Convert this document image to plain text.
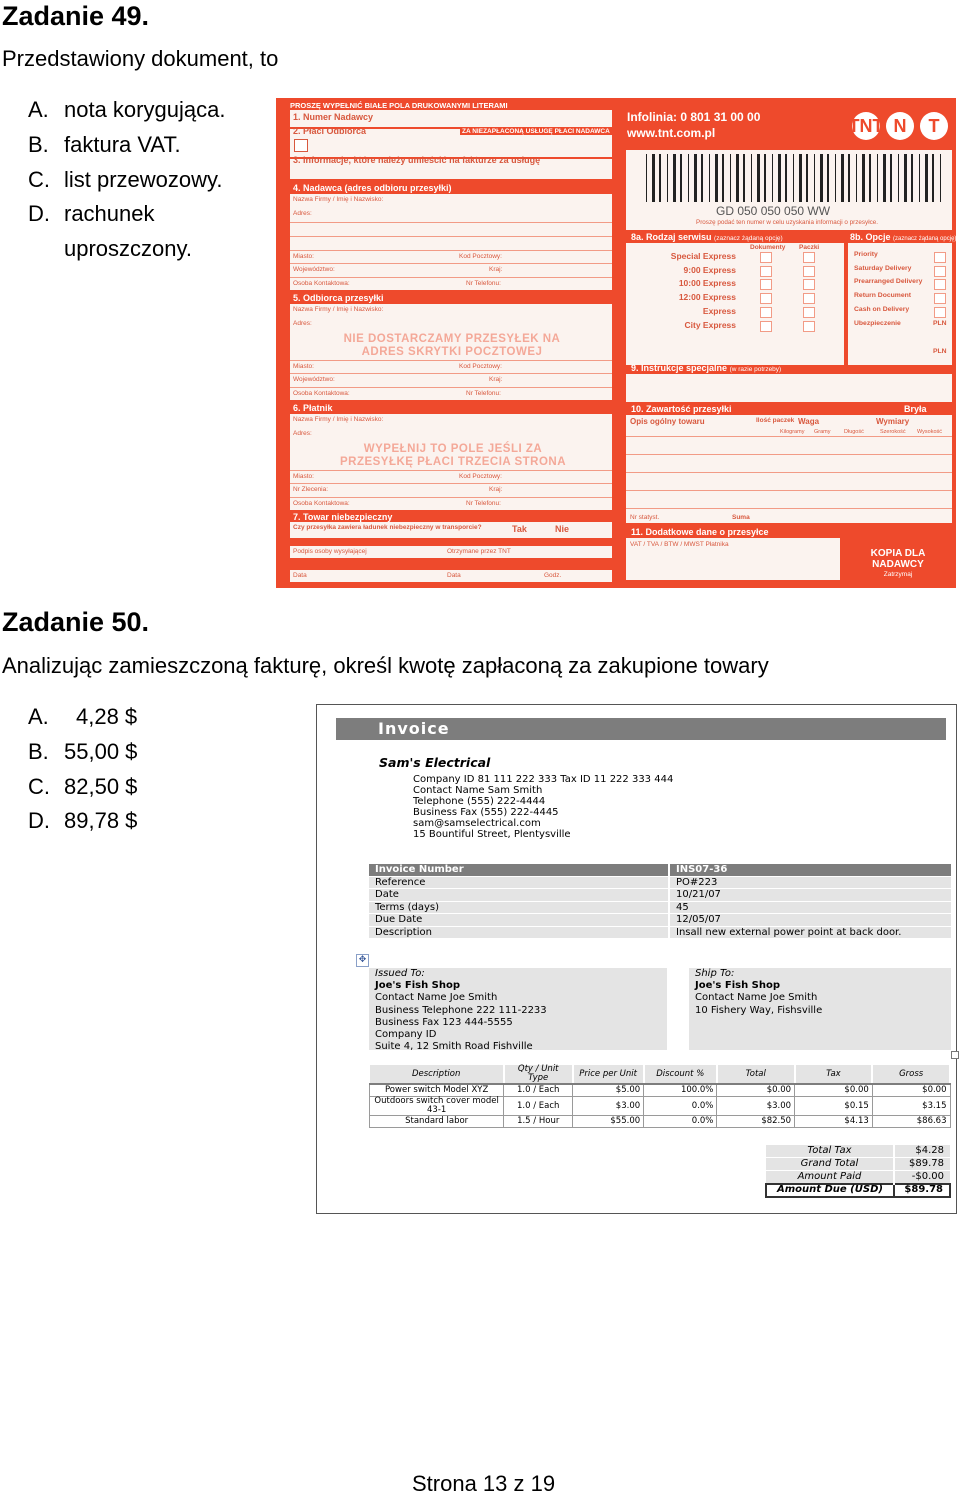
Zadanie 49.
Przedstawiony dokument, to
A. nota korygująca.
B. faktura VAT.
C. list przewozowy.
D. rachunek
uproszczony.
PROSZĘ WYPEŁNIĆ BIAŁE POLA DRUKOWANYMI LITERAMI
1. Numer Nadawcy
2. Płaci Odbiorca	ZA NIEZAPŁACONĄ USŁUGĘ PŁACI NADAWCA
3. Informacje, które należy umieścić na fakturze za usługę
4. Nadawca (adres odbioru przesyłki)
Nazwa Firmy / Imię i Nazwisko:
Adres:
Miasto:	Kod Pocztowy:
Województwo:	Kraj:
Osoba Kontaktowa:	Nr Telefonu:
5. Odbiorca przesyłki
Nazwa Firmy / Imię i Nazwisko:
Adres:
NIE DOSTARCZAMY PRZESYŁEK NA ADRES SKRYTKI POCZTOWEJ
Miasto:	Kod Pocztowy:
Województwo:	Kraj:
Osoba Kontaktowa:	Nr Telefonu:
6. Płatnik
Nazwa Firmy / Imię i Nazwisko:
Adres:
WYPEŁNIJ TO POLE JEŚLI ZA PRZESYŁKĘ PŁACI TRZECIA STRONA
Miasto:	Kod Pocztowy:
Nr Zlecenia:	Kraj:
Osoba Kontaktowa:	Nr Telefonu:
7. Towar niebezpieczny
Czy przesyłka zawiera ładunek niebezpieczny w transporcie?	Tak	Nie
Podpis osoby wysyłającej	Otrzymane przez TNT
Data	Data	Godz.
Infolinia: 0 801 31 00 00
www.tnt.com.pl	TNT N T
GD 050 050 050 WW
Proszę podać ten numer w celu uzyskania informacji o przesyłce.
8a. Rodzaj serwisu (zaznacz żądaną opcję)
Dokumenty Paczki
8b. Opcje (zaznacz żądaną opcję)
PLN
PLN
9. Instrukcje specjalne (w razie potrzeby)
10. Zawartość przesyłki	Bryła
Opis ogólny towaru	Ilość paczek Waga	Wymiary
Kilogramy Gramy Długość	Szerokość Wysokość
Nr statyst.	Suma
11. Dodatkowe dane o przesyłce
VAT / TVA / BTW / MWST Płatnika
KOPIA DLA NADAWCY
Zatrzymaj
Special Express
9:00 Express
10:00 Express
12:00 Express
Express
City Express
Priority
Saturday Delivery
Prearranged Delivery
Return Document
Cash on Delivery
Ubezpieczenie
Zadanie 50.
Analizując zamieszczoną fakturę, określ kwotę zapłaconą za zakupione towary
A. 4,28 $
B. 55,00 $
C. 82,50 $
D. 89,78 $
Invoice
Sam's Electrical
Company ID 81 111 222 333 Tax ID 11 222 333 444
Contact Name Sam Smith
Telephone (555) 222-4444
Business Fax (555) 222-4445
sam@samselectrical.com
15 Bountiful Street, Plentysville
Invoice Number	INS07-36
Reference	PO#223
Date	10/21/07
Terms (days)	45
Due Date	12/05/07
Description	Insall new external power point at back door.
✥
Issued To:
Joe's Fish Shop
Contact Name Joe Smith
Business Telephone 222 111-2233
Business Fax 123 444-5555
Company ID
Suite 4, 12 Smith Road Fishville
Ship To:
Joe's Fish Shop
Contact Name Joe Smith
10 Fishery Way, Fishsville
Description	Qty / Unit Type	Price per Unit	Discount %	Total	Tax	Gross
Power switch Model XYZ	1.0 / Each	$5.00	100.0%	$0.00	$0.00	$0.00
Outdoors switch cover model 43-1	1.0 / Each	$3.00	0.0%	$3.00	$0.15	$3.15
Standard labor	1.5 / Hour	$55.00	0.0%	$82.50	$4.13	$86.63
Total Tax	$4.28
Grand Total	$89.78
Amount Paid	-$0.00
Amount Due (USD)	$89.78
Strona 13 z 19
